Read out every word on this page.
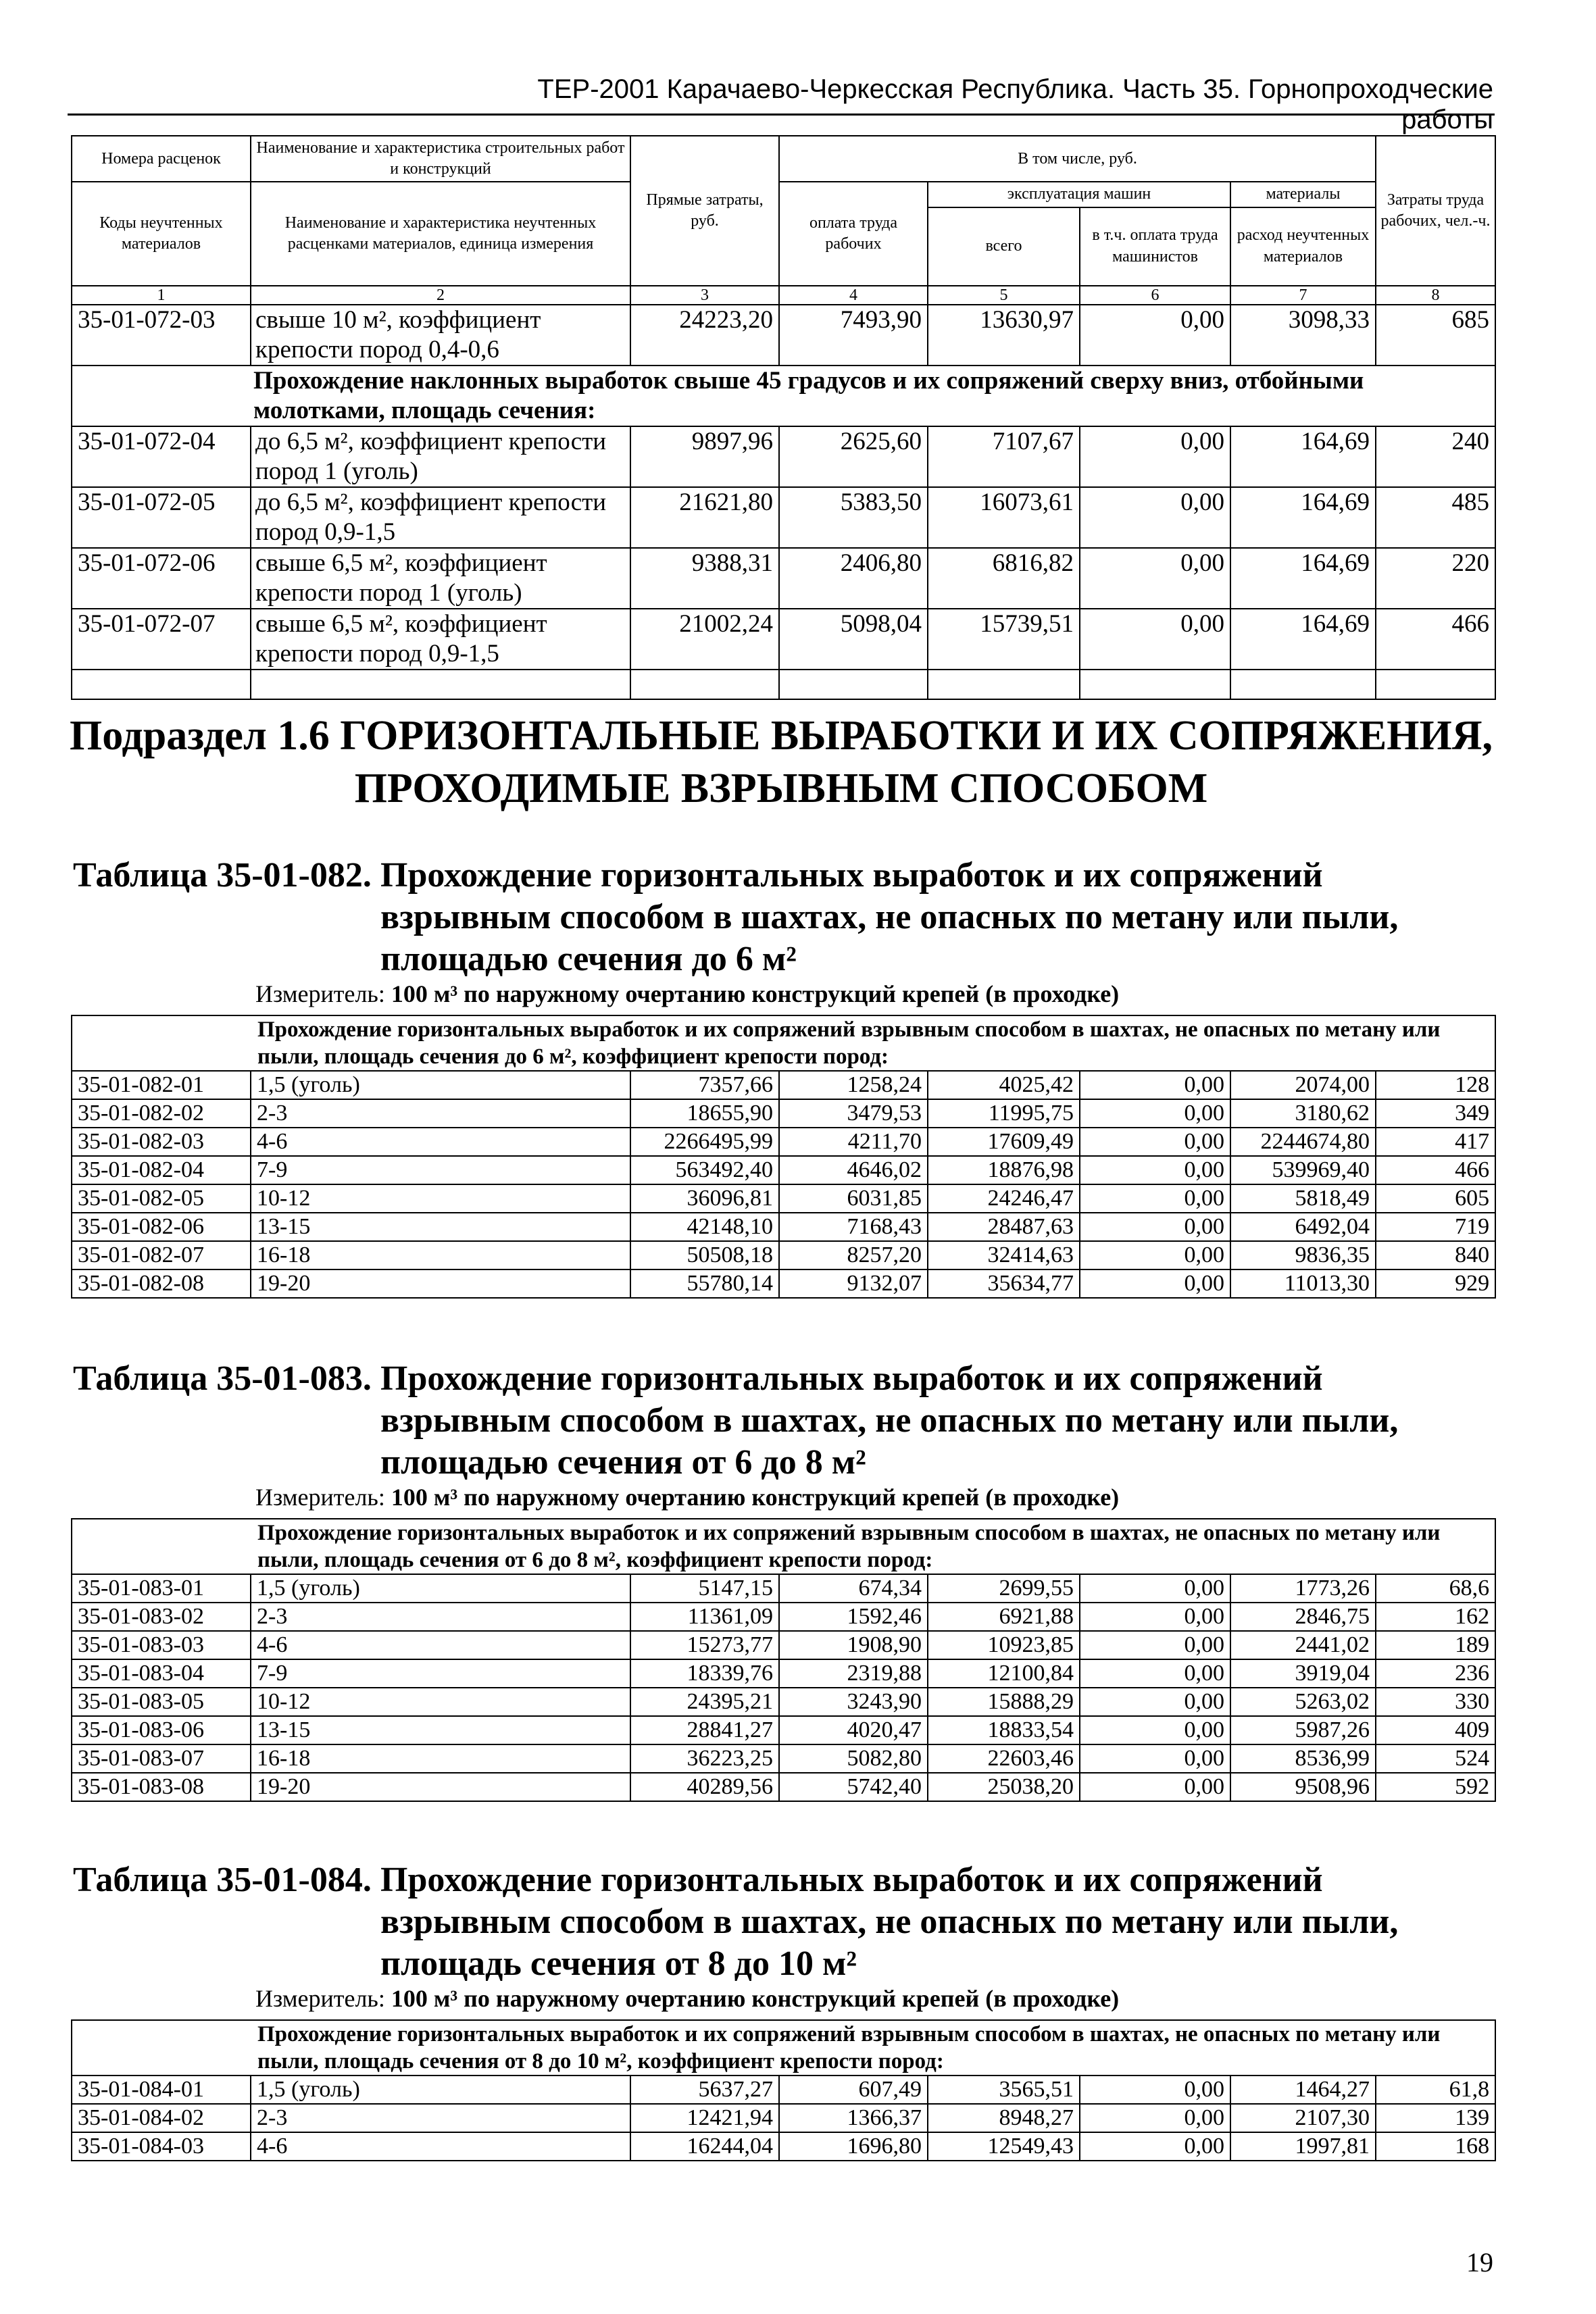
ТЕР-2001 Карачаево-Черкесская Республика. Часть 35. Горнопроходческие работы
Номера расценок	Наименование и характеристика строительных работ и конструкций	Прямые затраты, руб.	В том числе, руб.				Затраты труда рабочих, чел.-ч.
Коды неучтенных материалов	Наименование и характеристика неучтенных расценками материалов, единица измерения		оплата труда рабочих	эксплуатация машин		материалы	
				всего	в т.ч. оплата труда машинистов	расход неучтенных материалов	
1	2	3	4	5	6	7	8
35-01-072-03	свыше 10 м², коэффициент крепости пород 0,4-0,6	24223,20	7493,90	13630,97	0,00	3098,33	685
Прохождение наклонных выработок свыше 45 градусов и их сопряжений сверху вниз, отбойными молотками, площадь сечения:							
35-01-072-04	до 6,5 м², коэффициент крепости пород 1 (уголь)	9897,96	2625,60	7107,67	0,00	164,69	240
35-01-072-05	до 6,5 м², коэффициент крепости пород 0,9-1,5	21621,80	5383,50	16073,61	0,00	164,69	485
35-01-072-06	свыше 6,5 м², коэффициент крепости пород 1 (уголь)	9388,31	2406,80	6816,82	0,00	164,69	220
35-01-072-07	свыше 6,5 м², коэффициент крепости пород 0,9-1,5	21002,24	5098,04	15739,51	0,00	164,69	466

Подраздел 1.6 ГОРИЗОНТАЛЬНЫЕ ВЫРАБОТКИ И ИХ СОПРЯЖЕНИЯ,
ПРОХОДИМЫЕ ВЗРЫВНЫМ СПОСОБОМ
Таблица 35-01-082. Прохождение горизонтальных выработок и их сопряжений взрывным способом в шахтах, не опасных по метану или пыли, площадью сечения до 6 м²
Измеритель: 100 м³ по наружному очертанию конструкций крепей (в проходке)
Прохождение горизонтальных выработок и их сопряжений взрывным способом в шахтах, не опасных по метану или пыли, площадь сечения до 6 м², коэффициент крепости пород:							
35-01-082-01	1,5 (уголь)	7357,66	1258,24	4025,42	0,00	2074,00	128
35-01-082-02	2-3	18655,90	3479,53	11995,75	0,00	3180,62	349
35-01-082-03	4-6	2266495,99	4211,70	17609,49	0,00	2244674,80	417
35-01-082-04	7-9	563492,40	4646,02	18876,98	0,00	539969,40	466
35-01-082-05	10-12	36096,81	6031,85	24246,47	0,00	5818,49	605
35-01-082-06	13-15	42148,10	7168,43	28487,63	0,00	6492,04	719
35-01-082-07	16-18	50508,18	8257,20	32414,63	0,00	9836,35	840
35-01-082-08	19-20	55780,14	9132,07	35634,77	0,00	11013,30	929
Таблица 35-01-083. Прохождение горизонтальных выработок и их сопряжений взрывным способом в шахтах, не опасных по метану или пыли, площадью сечения от 6 до 8 м²
Измеритель: 100 м³ по наружному очертанию конструкций крепей (в проходке)
Прохождение горизонтальных выработок и их сопряжений взрывным способом в шахтах, не опасных по метану или пыли, площадь сечения от 6 до 8 м², коэффициент крепости пород:							
35-01-083-01	1,5 (уголь)	5147,15	674,34	2699,55	0,00	1773,26	68,6
35-01-083-02	2-3	11361,09	1592,46	6921,88	0,00	2846,75	162
35-01-083-03	4-6	15273,77	1908,90	10923,85	0,00	2441,02	189
35-01-083-04	7-9	18339,76	2319,88	12100,84	0,00	3919,04	236
35-01-083-05	10-12	24395,21	3243,90	15888,29	0,00	5263,02	330
35-01-083-06	13-15	28841,27	4020,47	18833,54	0,00	5987,26	409
35-01-083-07	16-18	36223,25	5082,80	22603,46	0,00	8536,99	524
35-01-083-08	19-20	40289,56	5742,40	25038,20	0,00	9508,96	592
Таблица 35-01-084. Прохождение горизонтальных выработок и их сопряжений взрывным способом в шахтах, не опасных по метану или пыли, площадь сечения от 8 до 10 м²
Измеритель: 100 м³ по наружному очертанию конструкций крепей (в проходке)
Прохождение горизонтальных выработок и их сопряжений взрывным способом в шахтах, не опасных по метану или пыли, площадь сечения от 8 до 10 м², коэффициент крепости пород:							
35-01-084-01	1,5 (уголь)	5637,27	607,49	3565,51	0,00	1464,27	61,8
35-01-084-02	2-3	12421,94	1366,37	8948,27	0,00	2107,30	139
35-01-084-03	4-6	16244,04	1696,80	12549,43	0,00	1997,81	168
19
